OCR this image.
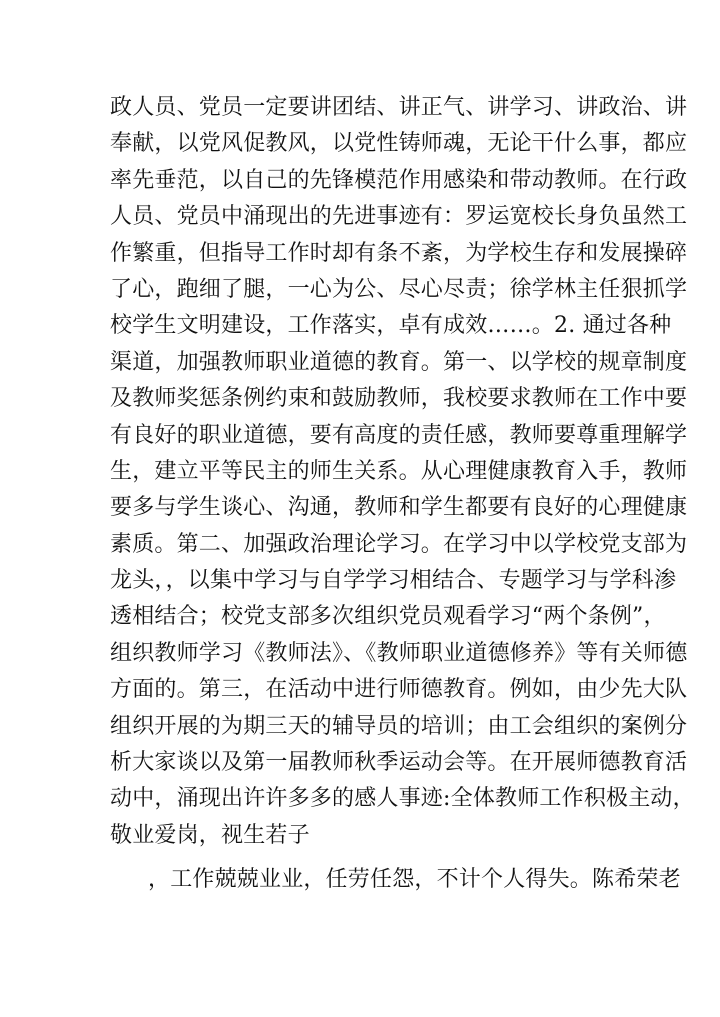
政人员、党员一定要讲团结、讲正气、讲学习、讲政治、讲
奉献，以党风促教风，以党性铸师魂，无论干什么事，都应
率先垂范，以自己的先锋模范作用感染和带动教师。在行政
人员、党员中涌现出的先进事迹有：罗运宽校长身负虽然工
作繁重，但指导工作时却有条不紊，为学校生存和发展操碎
了心，跑细了腿，一心为公、尽心尽责；徐学林主任狠抓学
校学生文明建设，工作落实，卓有成效……。2. 通过各种
渠道，加强教师职业道德的教育。第一、以学校的规章制度
及教师奖惩条例约束和鼓励教师，我校要求教师在工作中要
有良好的职业道德，要有高度的责任感，教师要尊重理解学
生，建立平等民主的师生关系。从心理健康教育入手，教师
要多与学生谈心、沟通，教师和学生都要有良好的心理健康
素质。第二、加强政治理论学习。在学习中以学校党支部为
龙头，，以集中学习与自学学习相结合、专题学习与学科渗
透相结合；校党支部多次组织党员观看学习“两个条例”，
组织教师学习《教师法》、《教师职业道德修养》等有关师德
方面的。第三，在活动中进行师德教育。例如，由少先大队
组织开展的为期三天的辅导员的培训；由工会组织的案例分
析大家谈以及第一届教师秋季运动会等。在开展师德教育活
动中，涌现出许许多多的感人事迹:全体教师工作积极主动，
敬业爱岗，视生若子
，工作兢兢业业，任劳任怨，不计个人得失。陈希荣老
